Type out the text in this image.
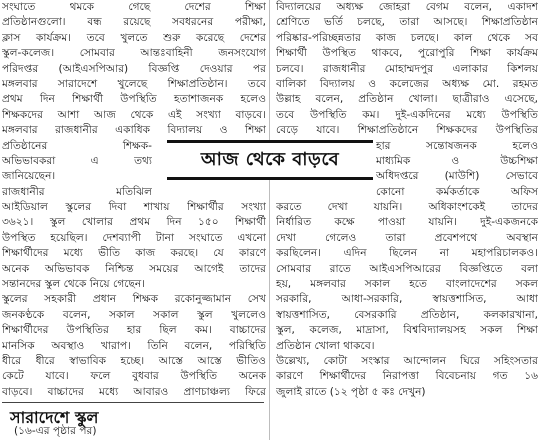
সংঘাতে থমকে গেছে দেশের শিক্ষা
প্রতিষ্ঠানগুলো। বন্ধ রয়েছে সবধরনের পরীক্ষা,
ক্লাস কার্যক্রম। তবে খুলতে শুরু করেছে দেশের
স্কুল-কলেজ। সোমবার আন্তঃবাহিনী জনসংযোগ
পরিদপ্তর (আইএসপিআর) বিজ্ঞপ্তি দেওয়ার পর
মঙ্গলবার সারাদেশে খুলেছে শিক্ষাপ্রতিষ্ঠান। তবে
প্রথম দিন শিক্ষার্থী উপস্থিতি হতাশাজনক হলেও
শিক্ষকদের আশা আজ থেকে এই সংখ্যা বাড়বে।
মঙ্গলবার রাজধানীর একাধিক বিদ্যালয় ও শিক্ষা
প্রতিষ্ঠানের শিক্ষক-
অভিভাবকরা এ তথ্য
জানিয়েছেন।
রাজধানীর মতিঝিল
আইডিয়াল স্কুলের দিবা শাখায় শিক্ষার্থীর সংখ্যা
৩৬২১। স্কুল খোলার প্রথম দিন ১৫০ শিক্ষার্থী
উপস্থিত হয়েছিল। দেশব্যাপী টানা সংঘাতে এখনো
শিক্ষার্থীদের মধ্যে ভীতি কাজ করছে। যে কারণে
অনেক অভিভাবক নিশ্চিন্ত সময়ের আগেই তাদের
সন্তানদের স্কুল থেকে নিয়ে গেছেন।
স্কুলের সহকারী প্রধান শিক্ষক রকোনুজ্জামান সেখ
জনকণ্ঠকে বলেন, সকাল সকাল স্কুল খুললেও
শিক্ষার্থীদের উপস্থিতির হার ছিল কম। বাচ্চাদের
মানসিক অবস্থাও খারাপ। তিনি বলেন, পরিস্থিতি
ধীরে ধীরে স্বাভাবিক হচ্ছে। আস্তে আস্তে ভীতিও
কেটে যাবে। ফলে বুধবার উপস্থিতি অনেক
বাড়বে। বাচ্চাদের মধ্যে আবারও প্রাণচাঞ্চল্য ফিরে
বিদ্যালয়ের অধ্যক্ষ জোহরা বেগম বলেন, একাদশ
শ্রেণিতে ভর্তি চলছে, তারা আসছে। শিক্ষাপ্রতিষ্ঠান
পরিষ্কার-পরিচ্ছন্নতার কাজ চলছে। কাল থেকে সব
শিক্ষার্থী উপস্থিত থাকবে, পুরোপুরি শিক্ষা কার্যক্রম
চলবে। রাজধানীর মোহাম্মদপুর এলাকার কিশলয়
বালিকা বিদ্যালয় ও কলেজের অধ্যক্ষ মো. রহমত
উল্লাহ বলেন, প্রতিষ্ঠান খোলা। ছাত্রীরাও এসেছে,
তবে উপস্থিতি কম। দুই-একদিনের মধ্যে উপস্থিতি
বেড়ে যাবে। শিক্ষাপ্রতিষ্ঠানে শিক্ষকদের উপস্থিতির
হার সন্তোষজনক হলেও
মাধ্যমিক ও উচ্চশিক্ষা
অধিদপ্তরে (মাউশি) সেভাবে
কোনো কর্মকর্তাকে অফিস
করতে দেখা যায়নি। অধিকাংশকেই তাদের
নির্ধারিত কক্ষে পাওয়া যায়নি। দুই-একজনকে
দেখা গেলেও তারা প্রবেশপথে অবস্থান
করছিলেন। এদিন ছিলেন না মহাপরিচালকও।
সোমবার রাতে আইএসপিআরের বিজ্ঞপ্তিতে বলা
হয়, মঙ্গলবার সকাল হতে বাংলাদেশের সকল
সরকারি, আধা-সরকারি, স্বায়ত্তশাসিত, আধা
স্বায়ত্তশাসিত, বেসরকারি প্রতিষ্ঠান, কলকারখানা,
স্কুল, কলেজ, মাদ্রাসা, বিশ্ববিদ্যালয়সহ সকল শিক্ষা
প্রতিষ্ঠান খোলা থাকবে।
উল্লেখ্য, কোটা সংস্কার আন্দোলন ঘিরে সহিংসতার
কারণে শিক্ষার্থীদের নিরাপত্তা বিবেচনায় গত ১৬
জুলাই রাতে (১২ পৃষ্ঠা ৫ কঃ দেখুন)
আজ থেকে বাড়বে
সারাদেশে স্কুল
(১৬-এর পৃষ্ঠার পর)
